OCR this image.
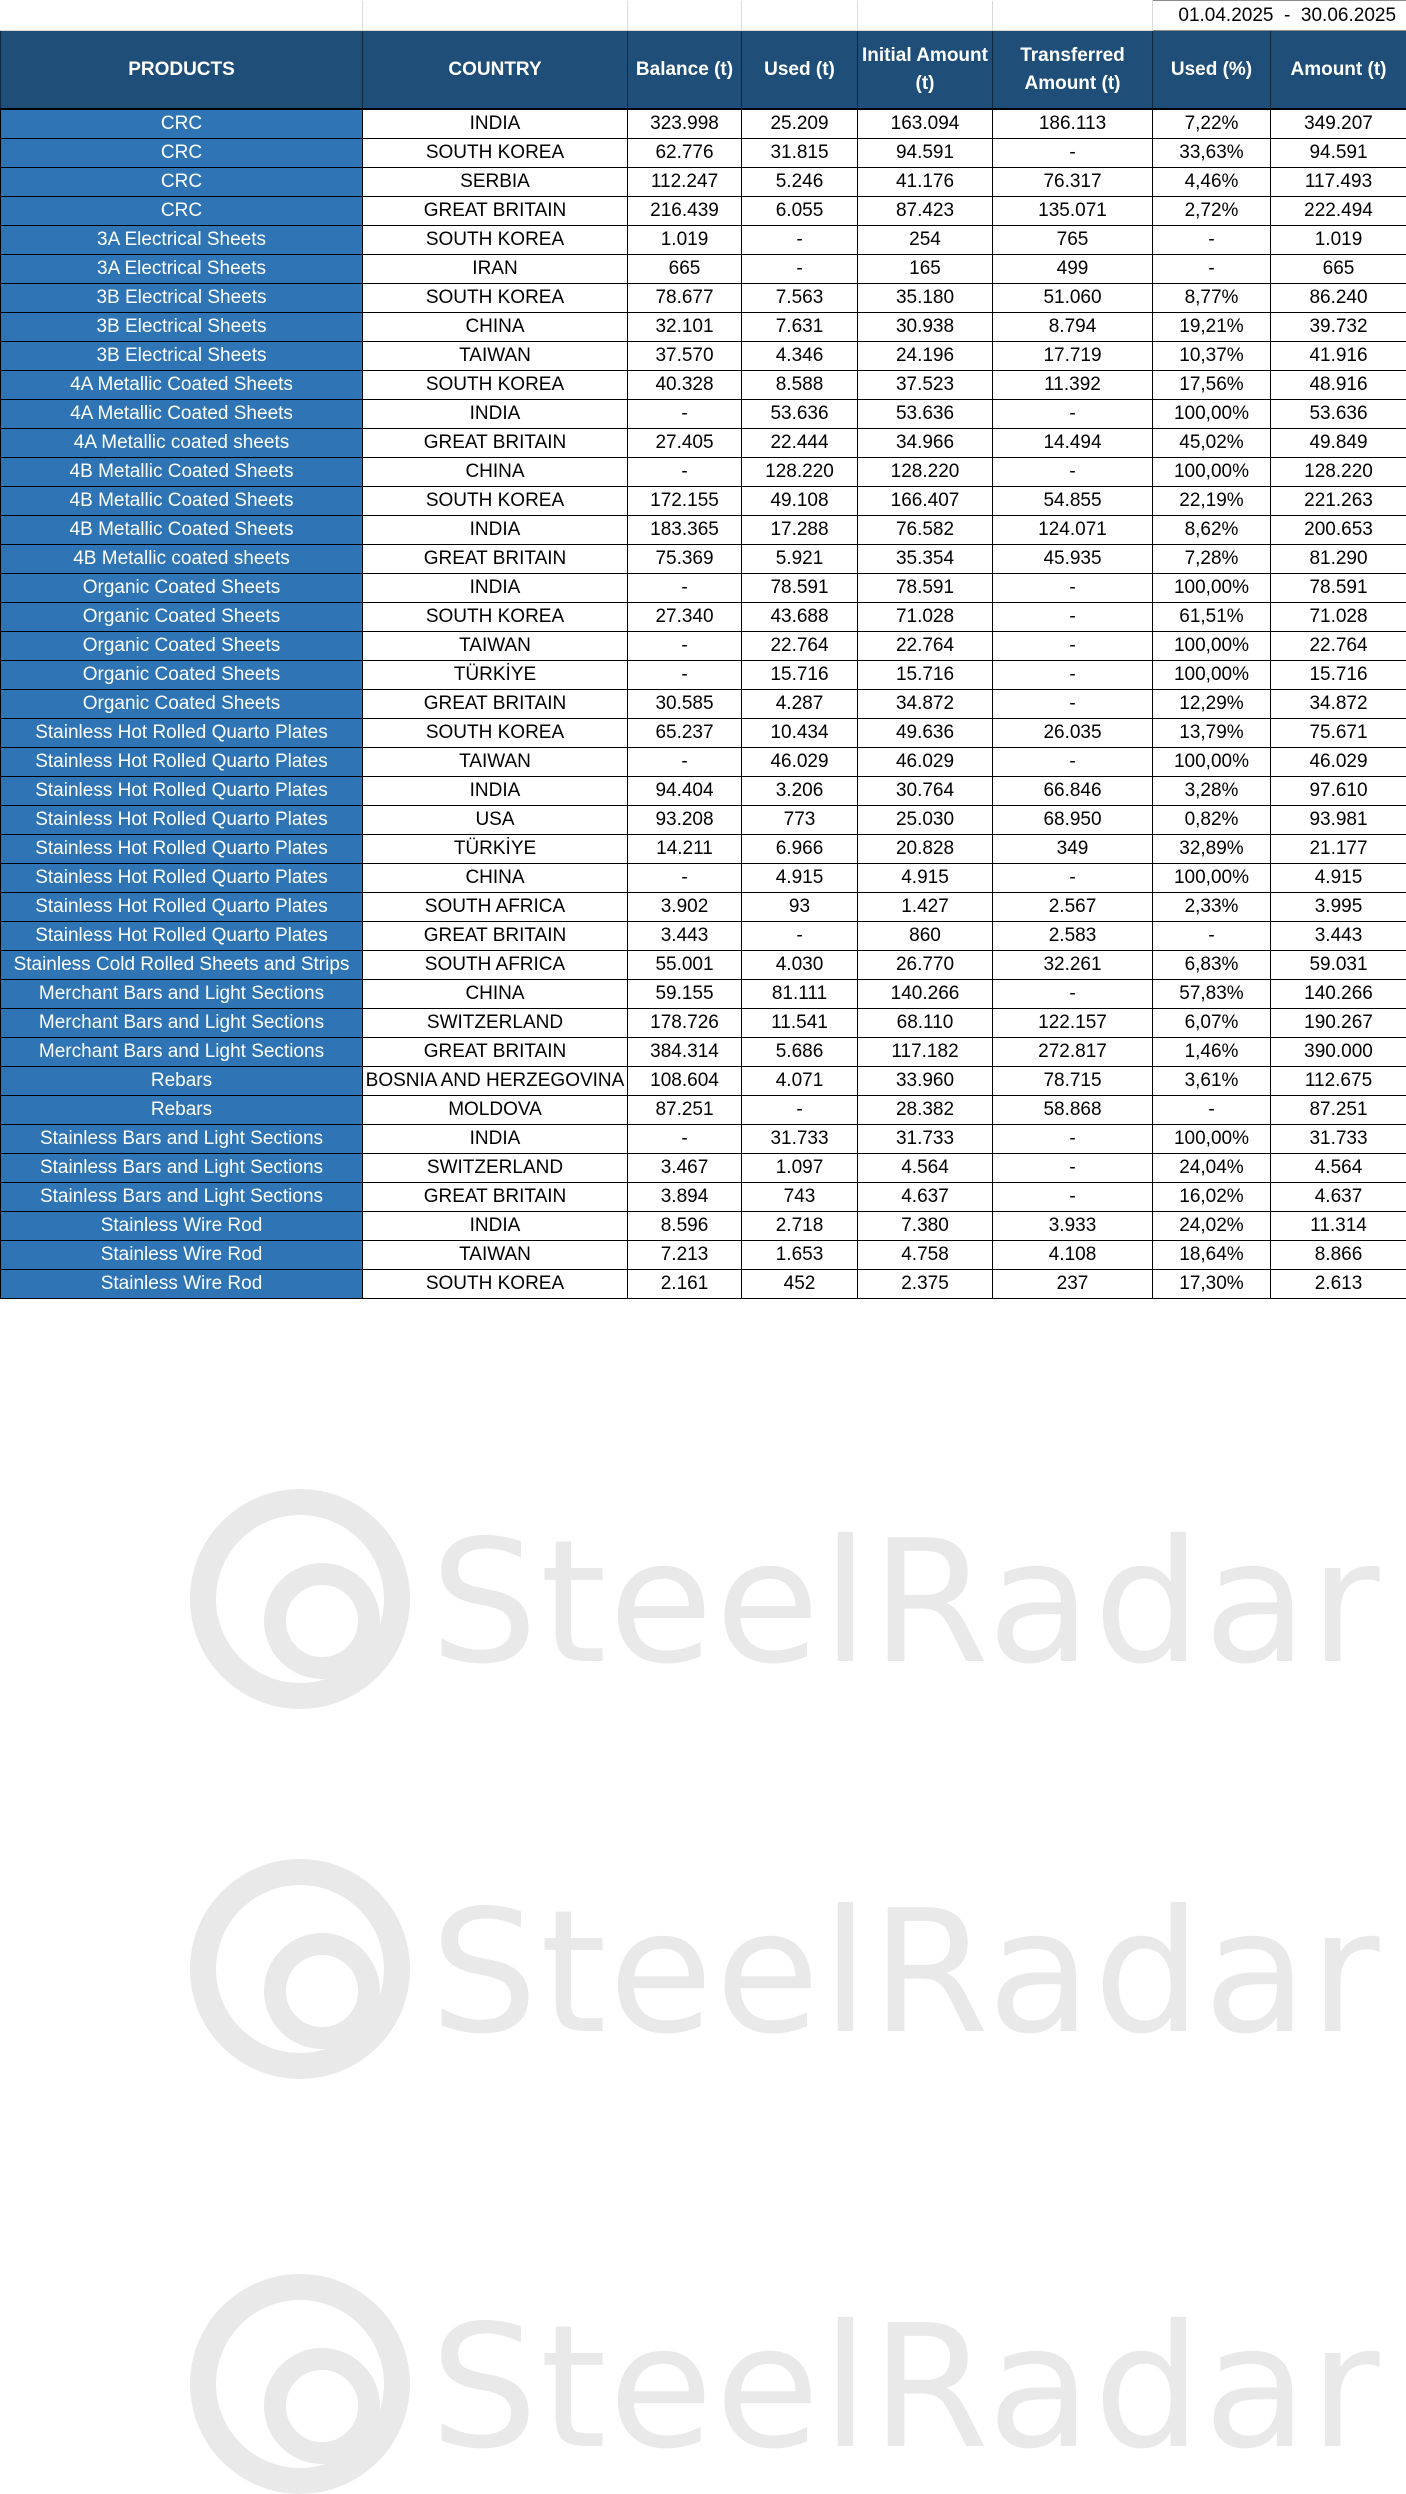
						01.04.2025 - 30.06.2025	
PRODUCTS	COUNTRY	Balance (t)	Used (t)	Initial Amount (t)	Transferred Amount (t)	Used (%)	Amount (t)
CRC	INDIA	323.998	25.209	163.094	186.113	7,22%	349.207
CRC	SOUTH KOREA	62.776	31.815	94.591	-	33,63%	94.591
CRC	SERBIA	112.247	5.246	41.176	76.317	4,46%	117.493
CRC	GREAT BRITAIN	216.439	6.055	87.423	135.071	2,72%	222.494
3A Electrical Sheets	SOUTH KOREA	1.019	-	254	765	-	1.019
3A Electrical Sheets	IRAN	665	-	165	499	-	665
3B Electrical Sheets	SOUTH KOREA	78.677	7.563	35.180	51.060	8,77%	86.240
3B Electrical Sheets	CHINA	32.101	7.631	30.938	8.794	19,21%	39.732
3B Electrical Sheets	TAIWAN	37.570	4.346	24.196	17.719	10,37%	41.916
4A Metallic Coated Sheets	SOUTH KOREA	40.328	8.588	37.523	11.392	17,56%	48.916
4A Metallic Coated Sheets	INDIA	-	53.636	53.636	-	100,00%	53.636
4A Metallic coated sheets	GREAT BRITAIN	27.405	22.444	34.966	14.494	45,02%	49.849
4B Metallic Coated Sheets	CHINA	-	128.220	128.220	-	100,00%	128.220
4B Metallic Coated Sheets	SOUTH KOREA	172.155	49.108	166.407	54.855	22,19%	221.263
4B Metallic Coated Sheets	INDIA	183.365	17.288	76.582	124.071	8,62%	200.653
4B Metallic coated sheets	GREAT BRITAIN	75.369	5.921	35.354	45.935	7,28%	81.290
Organic Coated Sheets	INDIA	-	78.591	78.591	-	100,00%	78.591
Organic Coated Sheets	SOUTH KOREA	27.340	43.688	71.028	-	61,51%	71.028
Organic Coated Sheets	TAIWAN	-	22.764	22.764	-	100,00%	22.764
Organic Coated Sheets	TÜRKİYE	-	15.716	15.716	-	100,00%	15.716
Organic Coated Sheets	GREAT BRITAIN	30.585	4.287	34.872	-	12,29%	34.872
Stainless Hot Rolled Quarto Plates	SOUTH KOREA	65.237	10.434	49.636	26.035	13,79%	75.671
Stainless Hot Rolled Quarto Plates	TAIWAN	-	46.029	46.029	-	100,00%	46.029
Stainless Hot Rolled Quarto Plates	INDIA	94.404	3.206	30.764	66.846	3,28%	97.610
Stainless Hot Rolled Quarto Plates	USA	93.208	773	25.030	68.950	0,82%	93.981
Stainless Hot Rolled Quarto Plates	TÜRKİYE	14.211	6.966	20.828	349	32,89%	21.177
Stainless Hot Rolled Quarto Plates	CHINA	-	4.915	4.915	-	100,00%	4.915
Stainless Hot Rolled Quarto Plates	SOUTH AFRICA	3.902	93	1.427	2.567	2,33%	3.995
Stainless Hot Rolled Quarto Plates	GREAT BRITAIN	3.443	-	860	2.583	-	3.443
Stainless Cold Rolled Sheets and Strips	SOUTH AFRICA	55.001	4.030	26.770	32.261	6,83%	59.031
Merchant Bars and Light Sections	CHINA	59.155	81.111	140.266	-	57,83%	140.266
Merchant Bars and Light Sections	SWITZERLAND	178.726	11.541	68.110	122.157	6,07%	190.267
Merchant Bars and Light Sections	GREAT BRITAIN	384.314	5.686	117.182	272.817	1,46%	390.000
Rebars	BOSNIA AND HERZEGOVINA	108.604	4.071	33.960	78.715	3,61%	112.675
Rebars	MOLDOVA	87.251	-	28.382	58.868	-	87.251
Stainless Bars and Light Sections	INDIA	-	31.733	31.733	-	100,00%	31.733
Stainless Bars and Light Sections	SWITZERLAND	3.467	1.097	4.564	-	24,04%	4.564
Stainless Bars and Light Sections	GREAT BRITAIN	3.894	743	4.637	-	16,02%	4.637
Stainless Wire Rod	INDIA	8.596	2.718	7.380	3.933	24,02%	11.314
Stainless Wire Rod	TAIWAN	7.213	1.653	4.758	4.108	18,64%	8.866
Stainless Wire Rod	SOUTH KOREA	2.161	452	2.375	237	17,30%	2.613
SteelRadar
SteelRadar
SteelRadar
